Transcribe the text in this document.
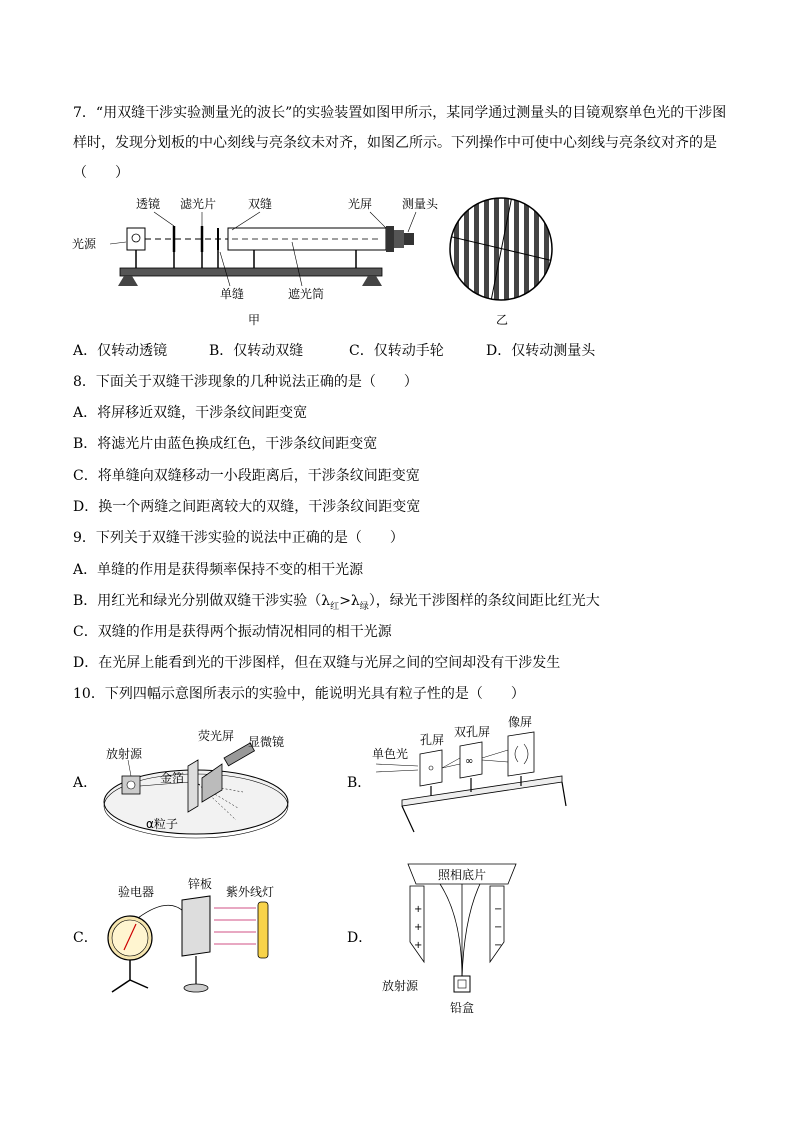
7．“用双缝干涉实验测量光的波长”的实验装置如图甲所示，某同学通过测量头的目镜观察单色光的干涉图
样时，发现分划板的中心刻线与亮条纹未对齐，如图乙所示。下列操作中可使中心刻线与亮条纹对齐的是
（　　）
光源
透镜 滤光片	双缝	光屏 测量头
单缝	遮光筒
甲	乙
A．仅转动透镜	B．仅转动双缝	C．仅转动手轮	D．仅转动测量头
8．下面关于双缝干涉现象的几种说法正确的是（　　）
A．将屏移近双缝，干涉条纹间距变宽
B．将滤光片由蓝色换成红色，干涉条纹间距变宽
C．将单缝向双缝移动一小段距离后，干涉条纹间距变宽
D．换一个两缝之间距离较大的双缝，干涉条纹间距变宽
9．下列关于双缝干涉实验的说法中正确的是（　　）
A．单缝的作用是获得频率保持不变的相干光源
B．用红光和绿光分别做双缝干涉实验$(\lambda_红>\lambda_绿)$，绿光干涉图样的条纹间距比红光大
C．双缝的作用是获得两个振动情况相同的相干光源
D．在光屏上能看到光的干涉图样，但在双缝与光屏之间的空间却没有干涉发生
10．下列四幅示意图所表示的实验中，能说明光具有粒子性的是（　　）
A．
放射源
金箔
荧光屏 显微镜
α粒子
B．
∞
单色光
孔屏
双孔屏
像屏
C．
验电器
锌板
紫外线灯
D．
+
+
+
−
−
−
照相底片
放射源
铅盒
